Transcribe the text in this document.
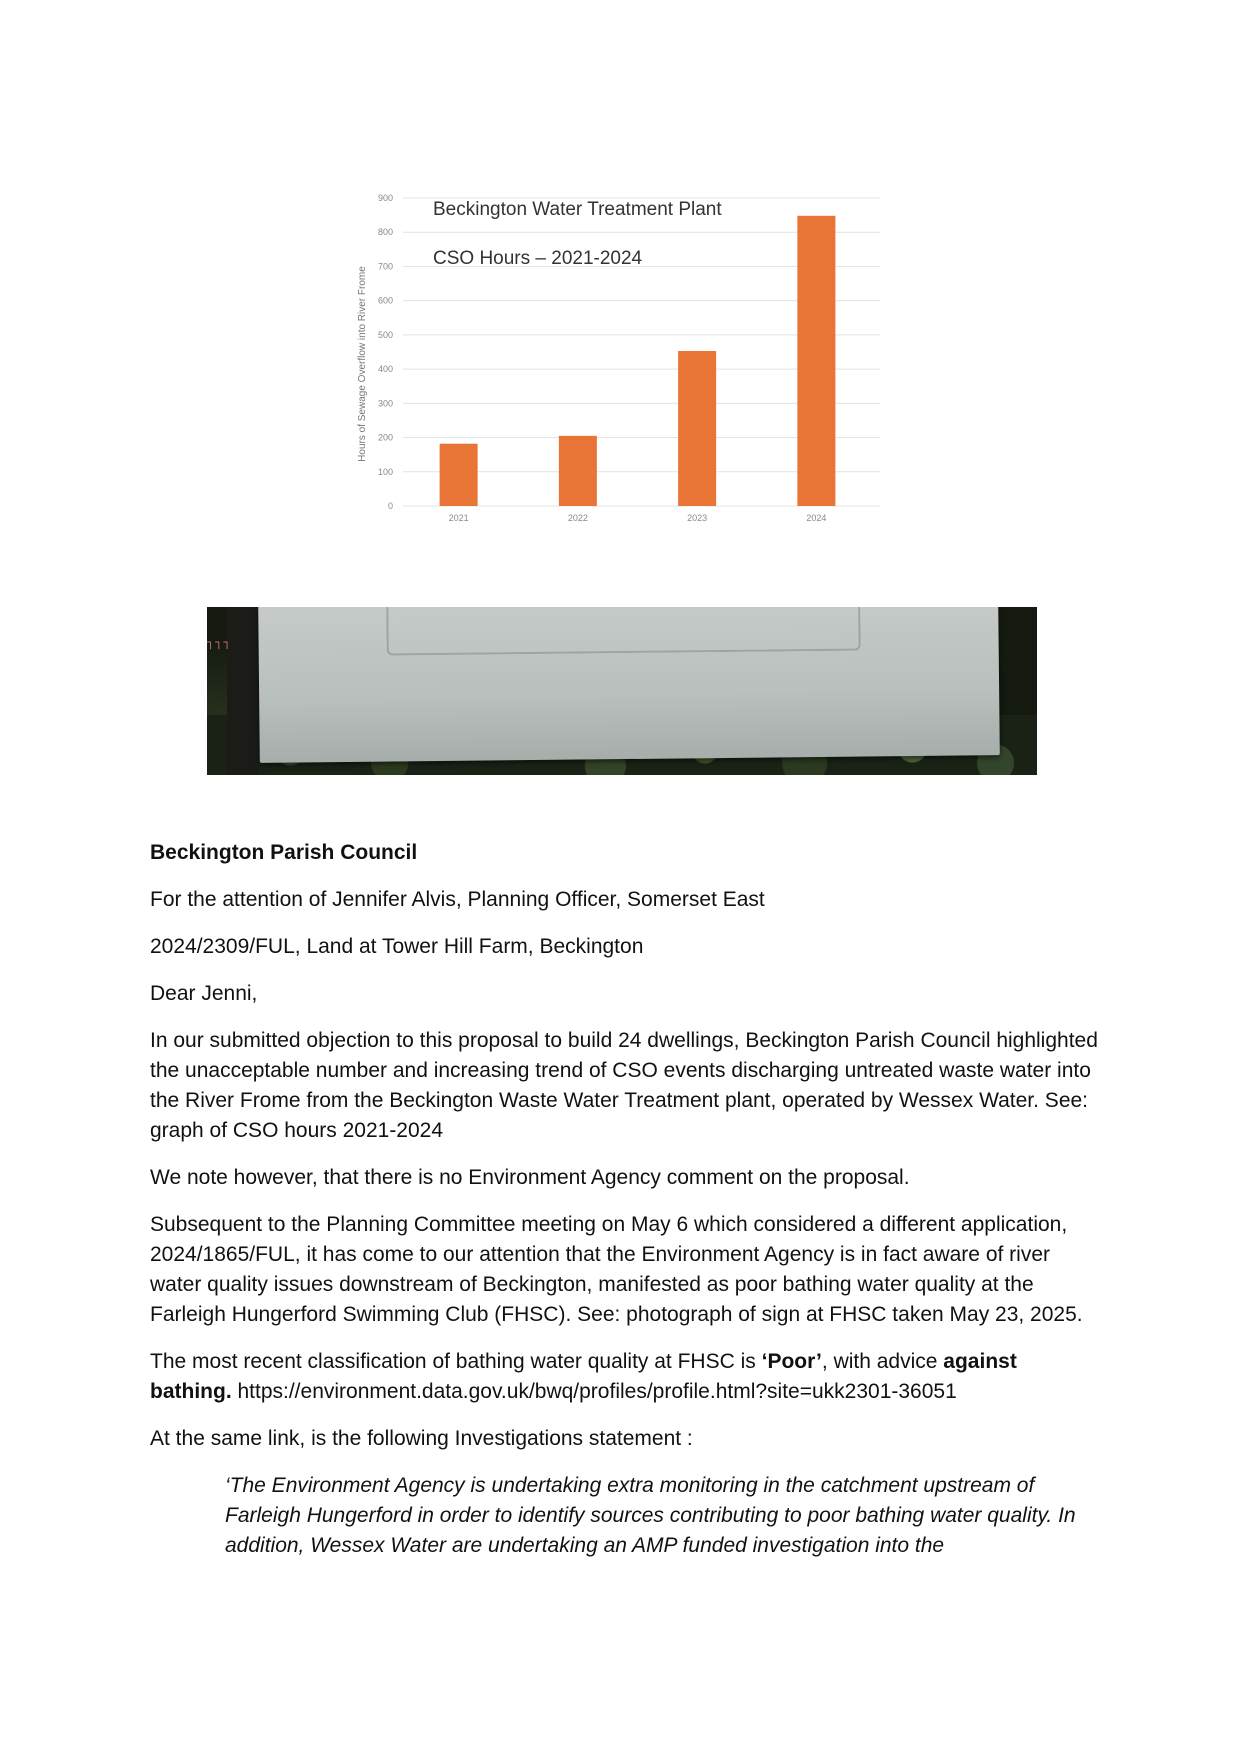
0
100
200
300
400
500
600
700
800
900
2021	2022	2023	2024
Hours of Sewage Overflow into River Frome
Beckington Water Treatment Plant
CSO Hours – 2021-2024
┐┐┐

Beckington Parish Council

For the attention of Jennifer Alvis, Planning Officer, Somerset East

2024/2309/FUL, Land at Tower Hill Farm, Beckington

Dear Jenni,

In our submitted objection to this proposal to build 24 dwellings, Beckington Parish Council highlighted the unacceptable number and increasing trend of CSO events discharging untreated waste water into the River Frome from the Beckington Waste Water Treatment plant, operated by Wessex Water. See: graph of CSO hours 2021-2024

We note however, that there is no Environment Agency comment on the proposal.

Subsequent to the Planning Committee meeting on May 6 which considered a different application, 2024/1865/FUL, it has come to our attention that the Environment Agency is in fact aware of river water quality issues downstream of Beckington, manifested as poor bathing water quality at the Farleigh Hungerford Swimming Club (FHSC). See: photograph of sign at FHSC taken May 23, 2025.

The most recent classification of bathing water quality at FHSC is ‘Poor’, with advice against bathing. https://environment.data.gov.uk/bwq/profiles/profile.html?site=ukk2301-36051

At the same link, is the following Investigations statement :

‘The Environment Agency is undertaking extra monitoring in the catchment upstream of Farleigh Hungerford in order to identify sources contributing to poor bathing water quality. In addition, Wessex Water are undertaking an AMP funded investigation into the
